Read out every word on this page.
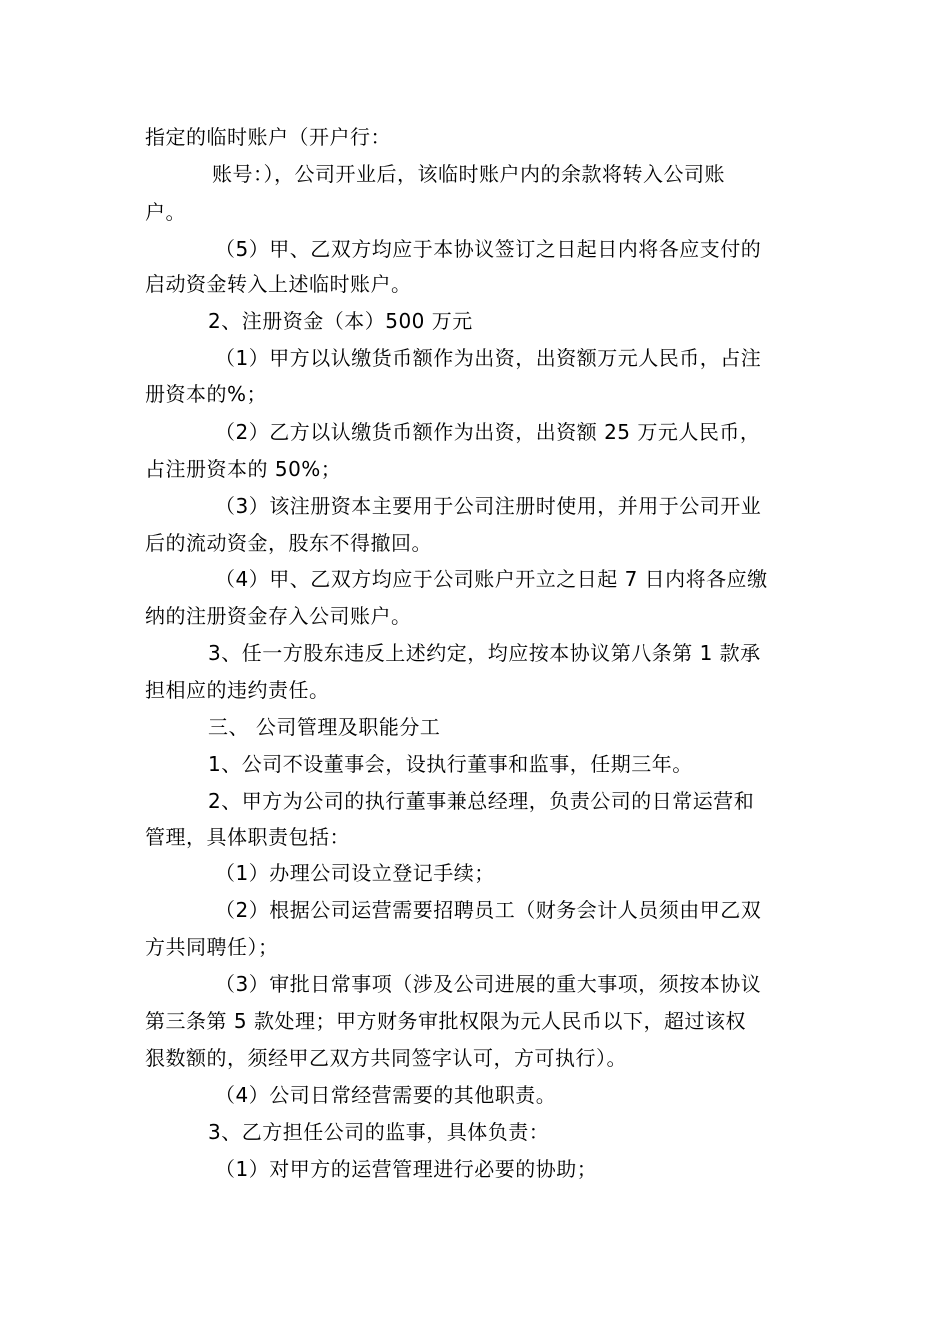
指定的临时账户（开户行：
账号：），公司开业后，该临时账户内的余款将转入公司账
户。
（5）甲、乙双方均应于本协议签订之日起日内将各应支付的
启动资金转入上述临时账户。
2、注册资金（本）500 万元
（1）甲方以认缴货币额作为出资，出资额万元人民币，占注
册资本的%；
（2）乙方以认缴货币额作为出资，出资额 25 万元人民币，
占注册资本的 50%；
（3）该注册资本主要用于公司注册时使用，并用于公司开业
后的流动资金，股东不得撤回。
（4）甲、乙双方均应于公司账户开立之日起 7 日内将各应缴
纳的注册资金存入公司账户。
3、任一方股东违反上述约定，均应按本协议第八条第 1 款承
担相应的违约责任。
三、 公司管理及职能分工
1、公司不设董事会，设执行董事和监事，任期三年。
2、甲方为公司的执行董事兼总经理，负责公司的日常运营和
管理，具体职责包括：
（1）办理公司设立登记手续；
（2）根据公司运营需要招聘员工（财务会计人员须由甲乙双
方共同聘任）；
（3）审批日常事项（涉及公司进展的重大事项，须按本协议
第三条第 5 款处理；甲方财务审批权限为元人民币以下，超过该权
狠数额的，须经甲乙双方共同签字认可，方可执行）。
（4）公司日常经营需要的其他职责。
3、乙方担任公司的监事，具体负责：
（1）对甲方的运营管理进行必要的协助；
